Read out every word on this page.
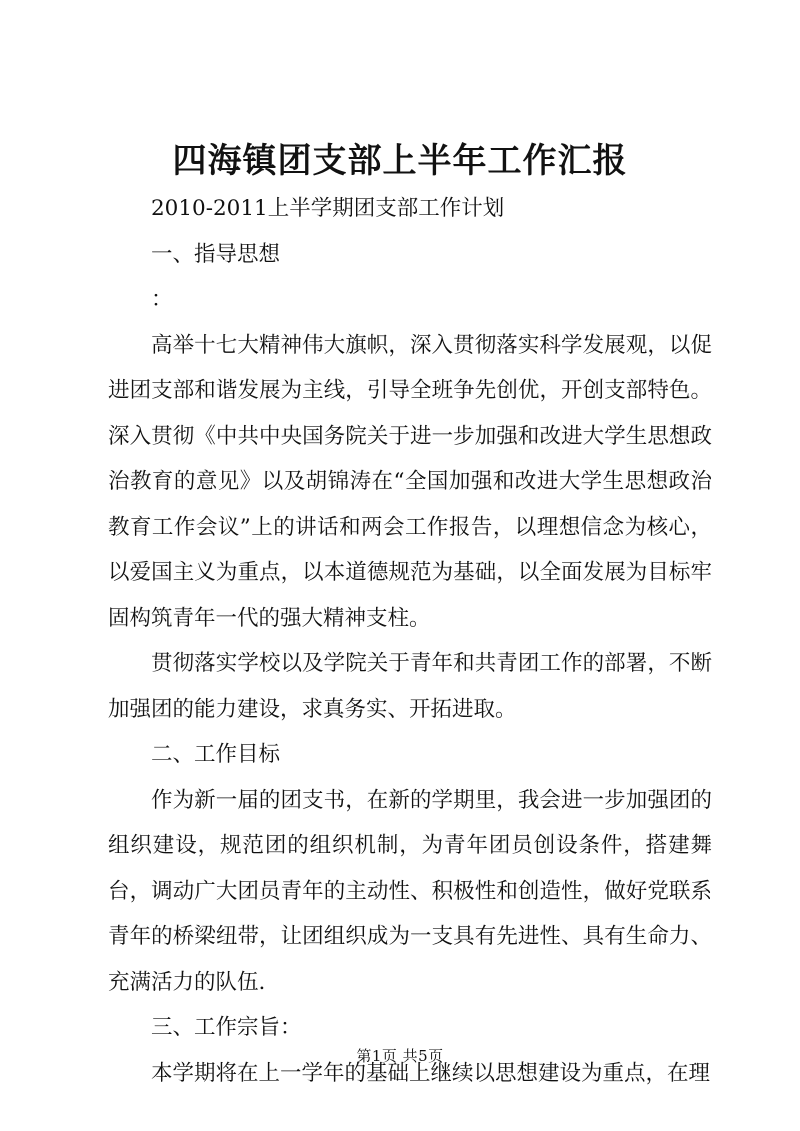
四海镇团支部上半年工作汇报

2010-2011上半学期团支部工作计划

一、指导思想

：

高举十七大精神伟大旗帜，深入贯彻落实科学发展观，以促进团支部和谐发展为主线，引导全班争先创优，开创支部特色。深入贯彻《中共中央国务院关于进一步加强和改进大学生思想政治教育的意见》以及胡锦涛在“全国加强和改进大学生思想政治教育工作会议”上的讲话和两会工作报告，以理想信念为核心，以爱国主义为重点，以本道德规范为基础，以全面发展为目标牢固构筑青年一代的强大精神支柱。

贯彻落实学校以及学院关于青年和共青团工作的部署，不断加强团的能力建设，求真务实、开拓进取。

二、工作目标

作为新一届的团支书，在新的学期里，我会进一步加强团的组织建设，规范团的组织机制，为青年团员创设条件，搭建舞台，调动广大团员青年的主动性、积极性和创造性，做好党联系青年的桥梁纽带，让团组织成为一支具有先进性、具有生命力、充满活力的队伍.

三、工作宗旨：

本学期将在上一学年的基础上继续以思想建设为重点，在理

第1页 共5页
